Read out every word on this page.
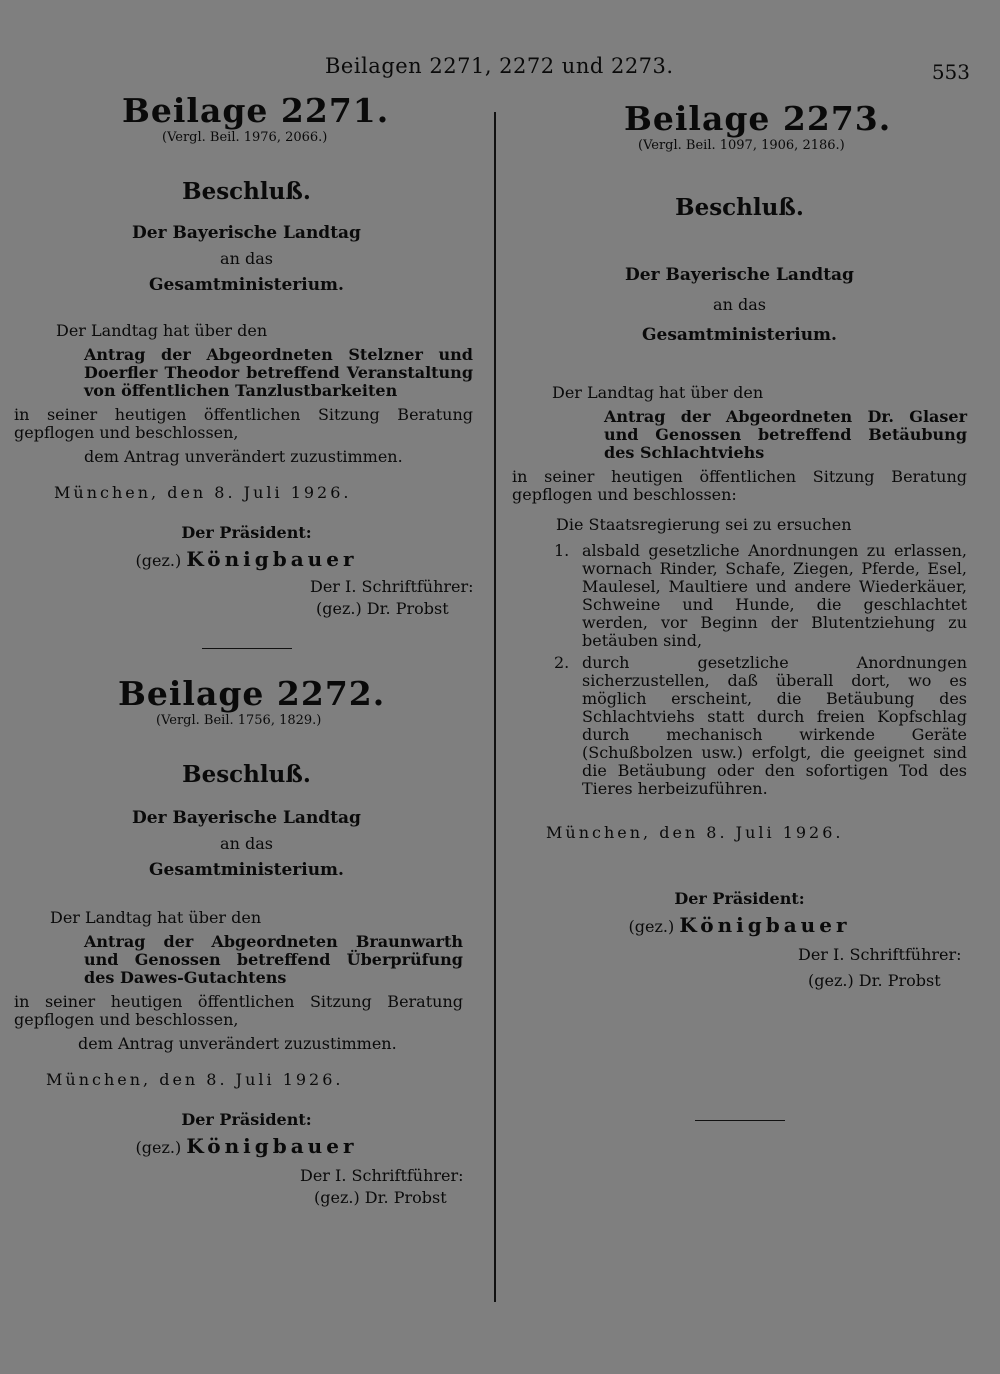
Beilagen 2271, 2272 und 2273.	553
Beilage 2271.
(Vergl. Beil. 1976, 2066.)
Beschluß.
Der Bayerische Landtag
an das
Gesamtministerium.
Der Landtag hat über den
Antrag der Abgeordneten Stelzner und Doerfler Theodor betreffend Veranstaltung von öffentlichen Tanzlustbarkeiten
in seiner heutigen öffentlichen Sitzung Beratung gepflogen und beschlossen,
dem Antrag unverändert zuzustimmen.
München, den 8. Juli 1926.
Der Präsident:
(gez.) Königbauer
Der I. Schriftführer:
(gez.) Dr. Probst
Beilage 2272.
(Vergl. Beil. 1756, 1829.)
Beschluß.
Der Bayerische Landtag
an das
Gesamtministerium.
Der Landtag hat über den
Antrag der Abgeordneten Braunwarth und Genossen betreffend Überprüfung des Dawes-Gutachtens
in seiner heutigen öffentlichen Sitzung Beratung gepflogen und beschlossen,
dem Antrag unverändert zuzustimmen.
München, den 8. Juli 1926.
Der Präsident:
(gez.) Königbauer
Der I. Schriftführer:
(gez.) Dr. Probst
Beilage 2273.
(Vergl. Beil. 1097, 1906, 2186.)
Beschluß.
Der Bayerische Landtag
an das
Gesamtministerium.
Der Landtag hat über den
Antrag der Abgeordneten Dr. Glaser und Genossen betreffend Betäubung des Schlachtviehs
in seiner heutigen öffentlichen Sitzung Beratung gepflogen und beschlossen:
Die Staatsregierung sei zu ersuchen
1. alsbald gesetzliche Anordnungen zu erlassen, wornach Rinder, Schafe, Ziegen, Pferde, Esel, Maulesel, Maultiere und andere Wiederkäuer, Schweine und Hunde, die geschlachtet werden, vor Beginn der Blutentziehung zu betäuben sind,
2. durch gesetzliche Anordnungen sicherzustellen, daß überall dort, wo es möglich erscheint, die Betäubung des Schlachtviehs statt durch freien Kopfschlag durch mechanisch wirkende Geräte (Schußbolzen usw.) erfolgt, die geeignet sind die Betäubung oder den sofortigen Tod des Tieres herbeizuführen.
München, den 8. Juli 1926.
Der Präsident:
(gez.) Königbauer
Der I. Schriftführer:
(gez.) Dr. Probst
